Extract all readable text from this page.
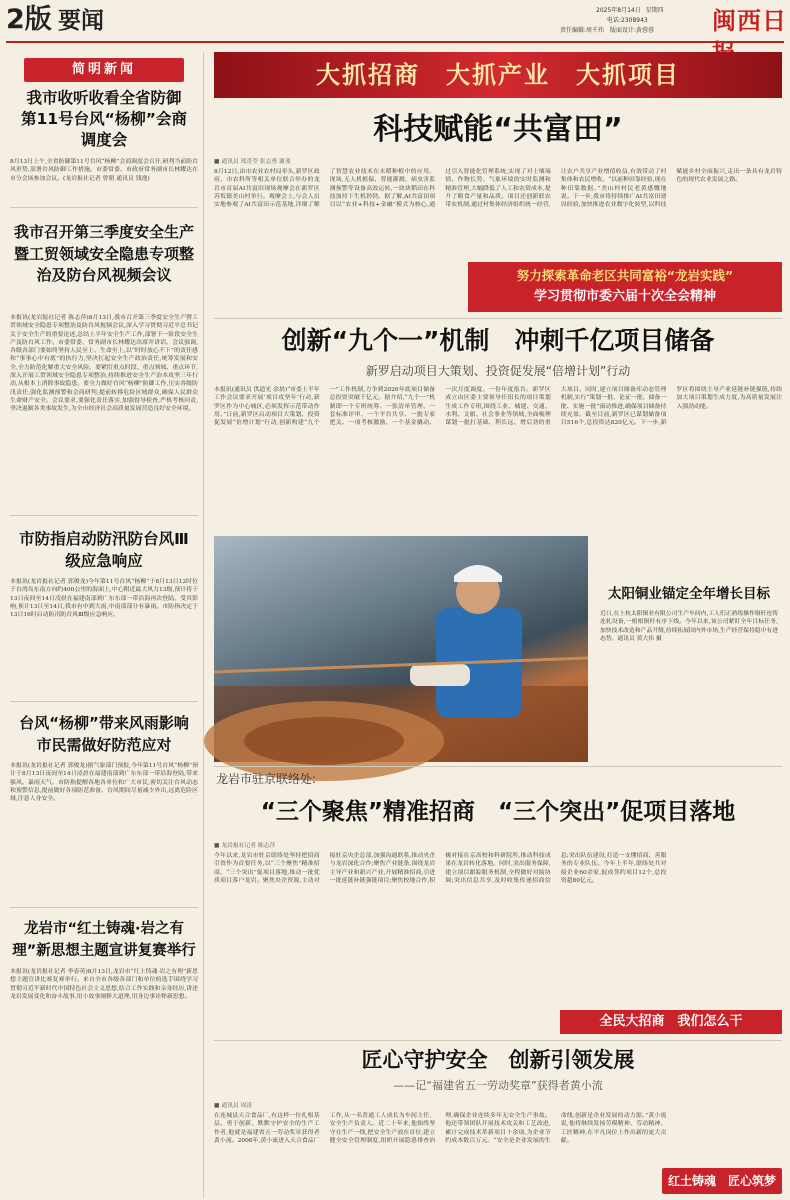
2版 要闻	2025年8月14日 星期四
电话:2308943
责任编辑:周千玮 版面设计:黄蓉蓉	闽西日
简明新闻
我市收听收看全省防御第11号台风“杨柳”会商调度会
8月13日上午,全省防御第11号台风“杨柳”会商调度会召开,研判当前防台风形势,部署台风防御工作措施。市委常委、市政府常务副市长林耀达在市分会场参加会议。(龙岩报社记者 曾朝 通讯员 钱逸)
我市召开第三季度安全生产暨工贸领域安全隐患专项整治及防台风视频会议
本报讯(龙岩报社记者 陈志萍)8月13日,我市召开第三季度安全生产暨工贸领域安全隐患专项整治及防台风视频会议,深入学习贯彻习近平总书记关于安全生产的重要论述,总结上半年安全生产工作,部署下一阶段安全生产及防台风工作。市委常委、常务副市长林耀达出席并讲话。会议强调,各级各部门要始终坚持人民至上、生命至上,以“时时放心不下”的责任感和“事事心中有底”的执行力,坚决扛起安全生产政治责任,统筹发展和安全,全力防范化解重大安全风险。要紧盯重点时段、重点领域、重点环节,深入开展工贸领域安全隐患专项整治,持续推进安全生产治本攻坚三年行动,从根本上消除事故隐患。要全力做好台风“杨柳”防御工作,压实各级防汛责任,强化监测预警和会商研判,提前转移危险区域群众,确保人民群众生命财产安全。会议要求,要强化责任落实,加强督导检查,严格考核问责,坚决遏制各类事故发生,为全市经济社会高质量发展营造良好安全环境。
市防指启动防汛防台风Ⅲ级应急响应
本报讯(龙岩报社记者 郭俊龙)今年第11号台风“杨柳”于8月13日12时位于台湾岛东南方向约400公里的海面上,中心附近最大风力13级,预计将于13日夜间至14日凌晨在福建南部到广东东部一带沿海再次登陆。受其影响,预计13日至14日,我市有中到大雨,中南部部分有暴雨。市防指决定于13日16时启动防汛防台风Ⅲ级应急响应。
台风“杨柳”带来风雨影响市民需做好防范应对
本报讯(龙岩报社记者 郭俊龙)据气象部门预报,今年第11号台风“杨柳”预计于8月13日夜间至14日凌晨在福建南部到广东东部一带沿海登陆,带来强风、暴雨天气。市防指提醒各地各单位和广大市民,密切关注台风动态和预警信息,提前做好各项防范准备。台风期间尽量减少外出,远离危险区域,注意人身安全。
龙岩市“红土铸魂·岩之有理”新思想主题宣讲复赛举行
本报讯(龙岩报社记者 李春英)8月13日,龙岩市“红土铸魂·岩之有理”新思想主题宣讲比赛复赛举行。来自全市各级各部门和单位的选手围绕学习贯彻习近平新时代中国特色社会主义思想,结合工作实践和亲身经历,讲述龙岩发展变化和奋斗故事,用小故事阐释大道理,用身边事诠释新思想。
大抓招商　大抓产业　大抓项目
科技赋能“共富田”
■ 通讯员 郑喜莹 张志勇 谢斐
8月12日,由市农业农村局牵头,新罗区政府、市农科所等相关单位联合举办的龙岩市首届AI共富田现场观摩会在新罗区苏坂镇美山村举行。观摩会上,与会人员实地参观了AI共富田示范基地,详细了解了智慧农业技术在水稻种植中的应用。现场,无人机植保、智能灌溉、病虫害监测预警等设备高效运转,一块块稻田在科技加持下生机勃勃。据了解,AI共富田项目以“农业+科技+金融”模式为核心,通过引入智能化管理系统,实现了对土壤墒情、作物长势、气象环境的实时监测和精准管理,大幅降低了人工和农资成本,提升了粮食产量和品质。项目还创新联农带农机制,通过村集体经济组织统一经营,让农户共享产业增值收益,有效带动了村集体和农民增收。“以前种田靠经验,现在种田靠数据。”美山村村民老黄感慨地说。下一步,我市将持续推广AI共富田建设经验,加快推进农业数字化转型,以科技赋能乡村全面振兴,走出一条具有龙岩特色的现代农业发展之路。
努力探索革命老区共同富裕“龙岩实践”
学习贯彻市委六届十次全会精神
创新“九个一”机制　冲刺千亿项目储备
新罗启动项目大策划、投资促发展“倍增计划”行动
本报讯(通讯员 洪道光 余晨)“市委上半年工作会议要求开展‘项目攻坚年’行动,新罗区作为中心城区,必须发挥示范带动作用。”日前,新罗区启动项目大策划、投资促发展“倍增计划”行动,创新构建“九个一”工作机制,力争到2026年底项目储备总投资突破千亿元。据介绍,“九个一”机制即一个专班统筹、一张清单管理、一套标准评审、一个平台共享、一批专家把关、一项考核激励、一个基金撬动、一次月度调度、一份年度报告。新罗区成立由区委主要领导任组长的项目策划生成工作专班,围绕工业、城建、交通、水利、文旅、社会事业等领域,全面梳理谋划一批打基础、利长远、增后劲的重大项目。同时,建立项目储备库动态管理机制,实行“策划一批、论证一批、储备一批、实施一批”滚动推进,确保项目储备持续充盈。截至目前,新罗区已谋划储备项目516个,总投资达820亿元。下一步,新罗区将围绕主导产业延链补链强链,持续加大项目策划生成力度,为高质量发展注入强劲动能。
太阳铜业锚定全年增长目标
近日,在上杭太阳铜业有限公司生产车间内,工人们正熟练操作铜杆连铸连轧设备,一根根铜杆有序下线。今年以来,该公司紧盯全年目标任务,加快技术改造和产品升级,持续拓展国内外市场,生产经营保持稳中有进态势。通讯员 黄大伟 摄
龙岩市驻京联络处:
“三个聚焦”精准招商　“三个突出”促项目落地
■ 龙岩报社记者 陈志萍
今年以来,龙岩市驻京联络处坚持把招商引资作为首要任务,以“三个聚焦”精准招商、“三个突出”促项目落地,推动一批优质项目落户龙岩。聚焦央企资源,主动对接驻京央企总部,加强沟通联系,推动央企与龙岩深化合作;聚焦产业链条,围绕龙岩主导产业和新兴产业,开展精准招商,引进一批延链补链强链项目;聚焦校地合作,积极对接在京高校和科研院所,推动科技成果在龙岩转化落地。同时,突出服务保障,建立项目跟踪服务机制,全程做好对接协调;突出信息共享,及时收集传递招商信息;突出队伍建设,打造一支懂招商、善服务的专业队伍。今年上半年,联络处共对接企业60余家,促成签约项目12个,总投资超80亿元。
全民大招商　我们怎么干
匠心守护安全　创新引领发展
——记“福建省五一劳动奖章”获得者黄小流
■ 通讯员 周涛
在连城县天合食品厂,有这样一位扎根基层、勇于创新、默默守护安全的生产工作者,他就是福建省五一劳动奖章获得者黄小流。2006年,黄小流进入天合食品厂工作,从一名普通工人成长为车间主任、安全生产负责人。近二十年来,他始终坚守在生产一线,把安全生产放在首位,建立健全安全管理制度,组织开展隐患排查治理,确保企业连续多年无安全生产事故。他还带领团队开展技术攻关和工艺改进,累计完成技术革新项目十余项,为企业节约成本数百万元。“安全是企业发展的生命线,创新是企业发展的动力源。”黄小流说,他将继续发扬劳模精神、劳动精神、工匠精神,在平凡岗位上作出新的更大贡献。
红土铸魂　匠心筑梦
